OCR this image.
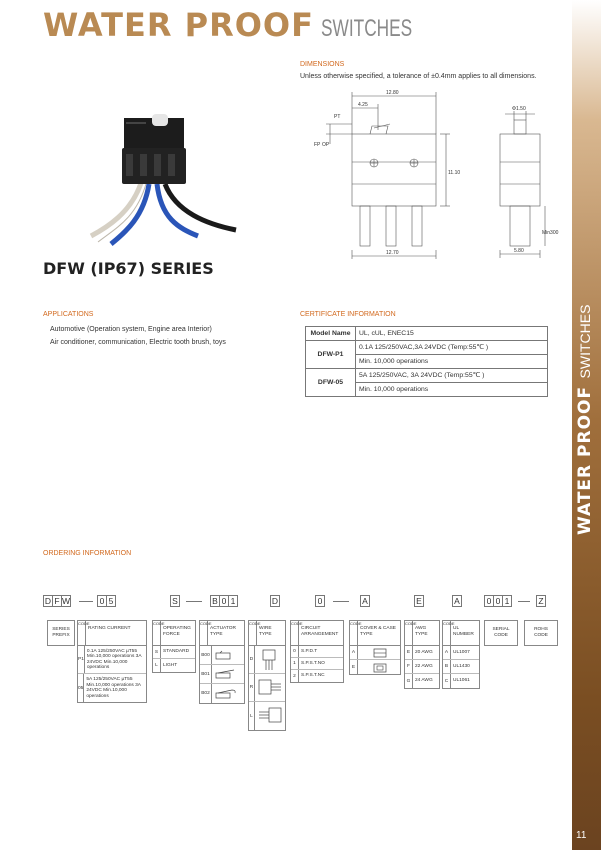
WATER PROOF SWITCHES
WATER PROOF SWITCHES
11
DFW (IP67) SERIES
DIMENSIONS
Unless otherwise specified, a tolerance of ±0.4mm applies to all dimensions.
12.80
4.25
PT
FP OP
11.10
12.70
Φ1.50
Min300
5.80
APPLICATIONS
Automotive (Operation system, Engine area Interior)
Air conditioner, communication, Electric tooth brush, toys
CERTIFICATE INFORMATION
Model Name	UL, cUL, ENEC15
DFW-P1	0.1A 125/250VAC,3A 24VDC (Temp:55℃ )
	Min. 10,000 operations
DFW-05	5A 125/250VAC, 3A 24VDC (Temp:55℃ )
	Min. 10,000 operations
ORDERING INFORMATION
D F W	0 5	S	B 0 1	D	0	A	E	A	0 0 1	Z
SERIES PREFIX
CODE
RATING CURRENT
P1
0.1A 125/250VAC µT55 Min.10,000 operations 3A 24VDC Min.10,000 operations
05
5A 125/250VAC µT55 Min.10,000 operations 3A 24VDC Min.10,000 operations
CODE
OPERATING FORCE
S	STANDARD
L	LIGHT
CODE
ACTUATOR TYPE
B00
B01
B02
CODE
WIRE TYPE
D
R
L
CODE
CIRCUIT ARRANGEMENT
0	S.P.D.T
1	S.P.S.T.NO
2	S.P.S.T.NC
CODE
COVER & CASE TYPE
A
E
CODE
AWG TYPE
E	20 AWG
F	22 AWG
G 24 AWG
CODE
UL NUMBER
A	UL1007
B	UL1430
C UL1061
SERIAL CODE
ROHS CODE
